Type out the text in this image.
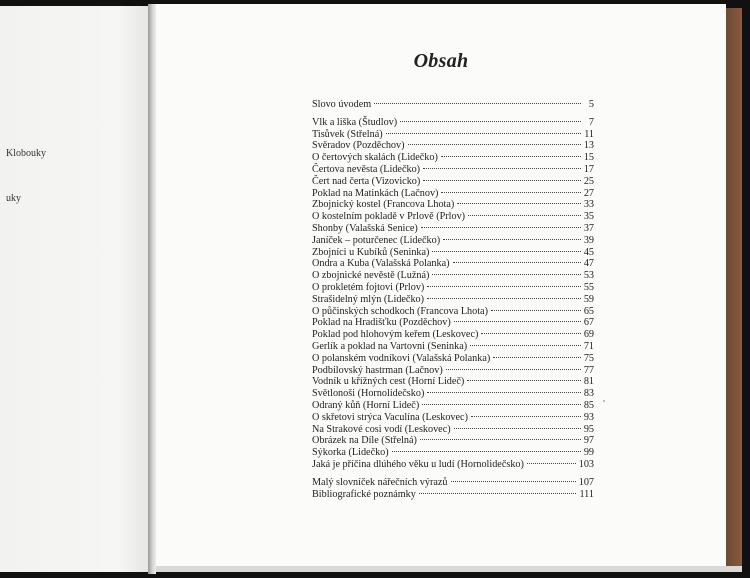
Klobouky
uky
Obsah
Slovo úvodem	5
Vlk a liška (Študlov)	7
Tisůvek (Střelná)	11
Svěradov (Pozděchov)	13
O čertových skalách (Lidečko)	15
Čertova nevěsta (Lidečko)	17
Čert nad čerta (Vizovicko)	25
Poklad na Matinkách (Lačnov)	27
Zbojnický kostel (Francova Lhota)	33
O kostelním pokladě v Prlově (Prlov)	35
Shonby (Valašská Senice)	37
Janíček – poturčenec (Lidečko)	39
Zbojníci u Kubíků (Seninka)	45
Ondra a Kuba (Valašská Polanka)	47
O zbojnické nevěstě (Lužná)	53
O prokletém fojtovi (Prlov)	55
Strašidelný mlýn (Lidečko)	59
O půčinských schodkoch (Francova Lhota)	65
Poklad na Hradišťku (Pozděchov)	67
Poklad pod hlohovým keřem (Leskovec)	69
Gerlík a poklad na Vartovni (Seninka)	71
O polanském vodníkovi (Valašská Polanka)	75
Podbilovský hastrman (Lačnov)	77
Vodník u křížných cest (Horní Lideč)	81
Světlonoši (Hornolidečsko)	83
Odraný kůň (Horní Lideč)	85
O skřetovi strýca Vaculína (Leskovec)	93
Na Strakové cosi vodí (Leskovec)	95
Obrázek na Díle (Střelná)	97
Sýkorka (Lidečko)	99
Jaká je příčina dlúhého věku u ludí (Hornolidečsko)	103
Malý slovníček nářečních výrazů	107
Bibliografické poznámky	111
